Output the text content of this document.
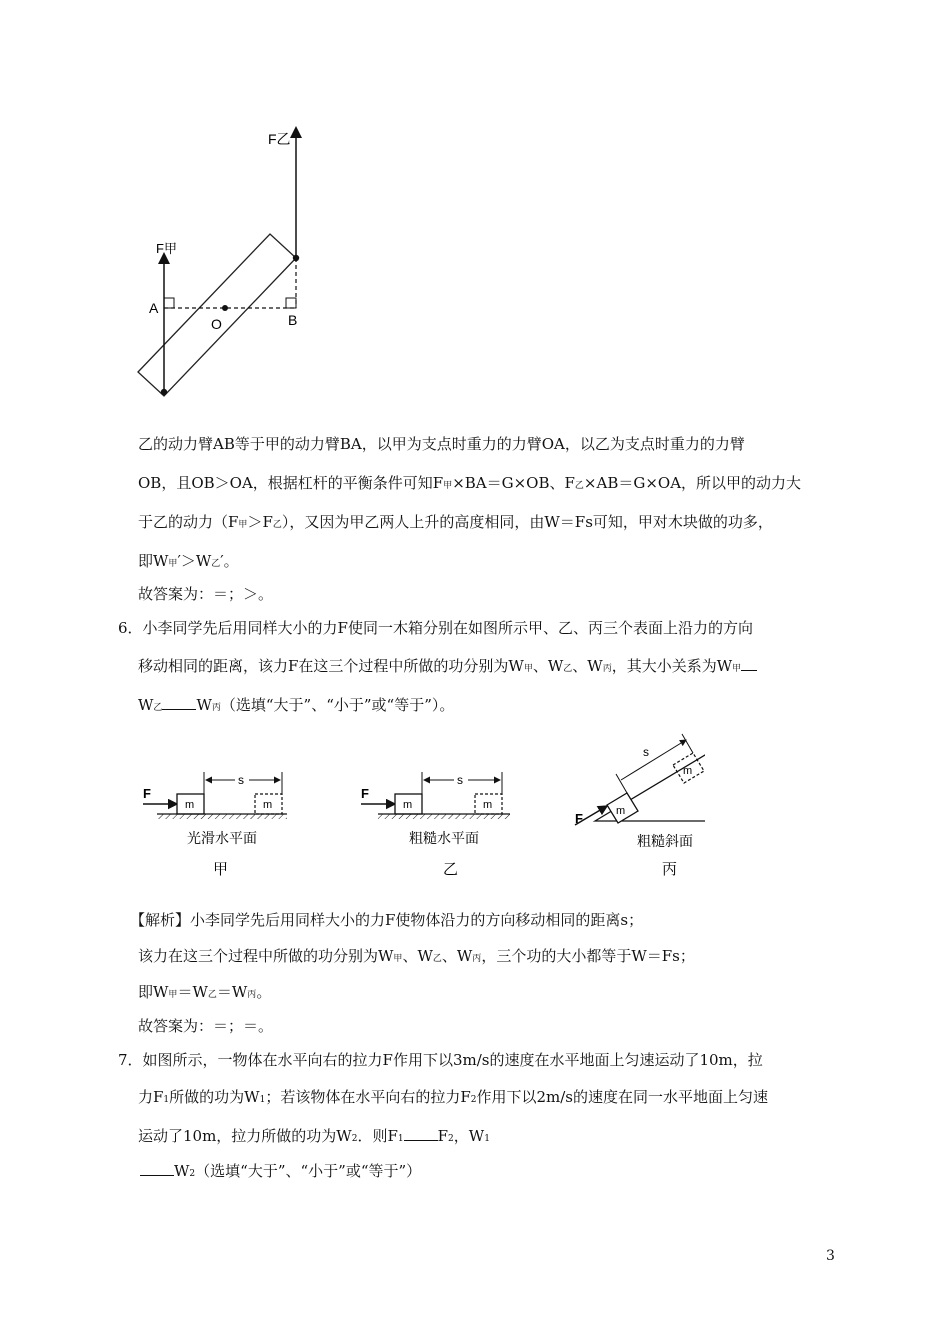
F乙
F甲
A
O	B
乙的动力臂AB等于甲的动力臂BA，以甲为支点时重力的力臂OA，以乙为支点时重力的力臂
OB，且OB＞OA，根据杠杆的平衡条件可知F甲×BA＝G×OB、F乙×AB＝G×OA，所以甲的动力大
于乙的动力（F甲＞F乙），又因为甲乙两人上升的高度相同，由W＝Fs可知，甲对木块做的功多，
即W甲′＞W乙′。
故答案为：＝；＞。
6．小李同学先后用同样大小的力F使同一木箱分别在如图所示甲、乙、丙三个表面上沿力的方向
移动相同的距离，该力F在这三个过程中所做的功分别为W甲、W乙、W丙，其大小关系为W甲
W乙 W丙（选填“大于”、“小于”或“等于”）。
F
m	m
s
光滑水平面
甲
F
m	m
s
粗糙水平面
乙
m
m
F
s
粗糙斜面
丙
【解析】小李同学先后用同样大小的力F使物体沿力的方向移动相同的距离s；
该力在这三个过程中所做的功分别为W甲、W乙、W丙，三个功的大小都等于W＝Fs；
即W甲＝W乙＝W丙。
故答案为：＝；＝。
7．如图所示，一物体在水平向右的拉力F作用下以3m/s的速度在水平地面上匀速运动了10m，拉
力F1所做的功为W1；若该物体在水平向右的拉力F2作用下以2m/s的速度在同一水平地面上匀速
运动了10m，拉力所做的功为W2．则F1 F2，W1
W2（选填“大于”、“小于”或“等于”）
3
